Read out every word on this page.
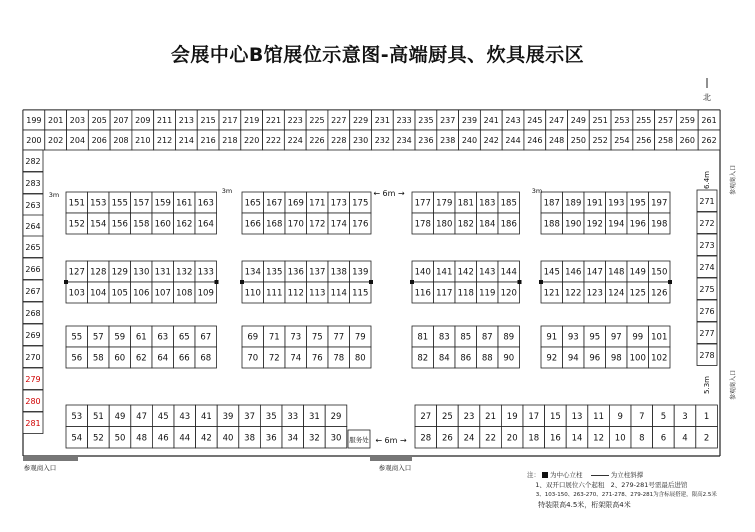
会展中心B馆展位示意图-高端厨具、炊具展示区
199 201 203 205 207 209 211 213 215 217 219 221 223 225 227 229 231 233 235 237 239 241 243 245 247 249 251 253 255 257 259 261
200 202 204 206 208 210 212 214 216 218 220 222 224 226 228 230 232 234 236 238 240 242 244 246 248 250 252 254 256 258 260 262
282
283
263
264
265
266
267
268
269
270
279
280
281
271
272
273
274
275
276
277
278
151 153 155 157 159 161 163
152 154 156 158 160 162 164
165 167 169 171 173 175
166 168 170 172 174 176
177 179 181 183 185
178 180 182 184 186
187 189 191 193 195 197
188 190 192 194 196 198
127 128 129 130 131 132 133
103 104 105 106 107 108 109
134 135 136 137 138 139
110 111 112 113 114 115
140 141 142 143 144
116 117 118 119 120
145 146 147 148 149 150
121 122 123 124 125 126
55 57 59 61 63 65 67
56 58 60 62 64 66 68
69 71 73 75 77 79
70 72 74 76 78 80
81 83 85 87 89
82 84 86 88 90
91 93 95 97 99 101
92 94 96 98 100 102
53 51 49 47 45 43 41 39 37 35 33 31 29
54 52 50 48 46 44 42 40 38 36 34 32 30
27 25 23 21 19 17 15 13 11 9 7 5 3 1
28 26 24 22 20 18 16 14 12 10 8 6 4 2
服务处
3m	3m	3m
← 6m →
← 6m →
6.4m
5.3m
参观商入口
参观商入口
北
参观商入口	参观商入口
注： 为中心立柱	为立柱斜撑
1、双开口展位六个起租 2、279-281号需最后进馆
3、103-150、263-270、271-278、279-281为含标展搭建，限高2.5米
特装限高4.5米，桁架限高4米
